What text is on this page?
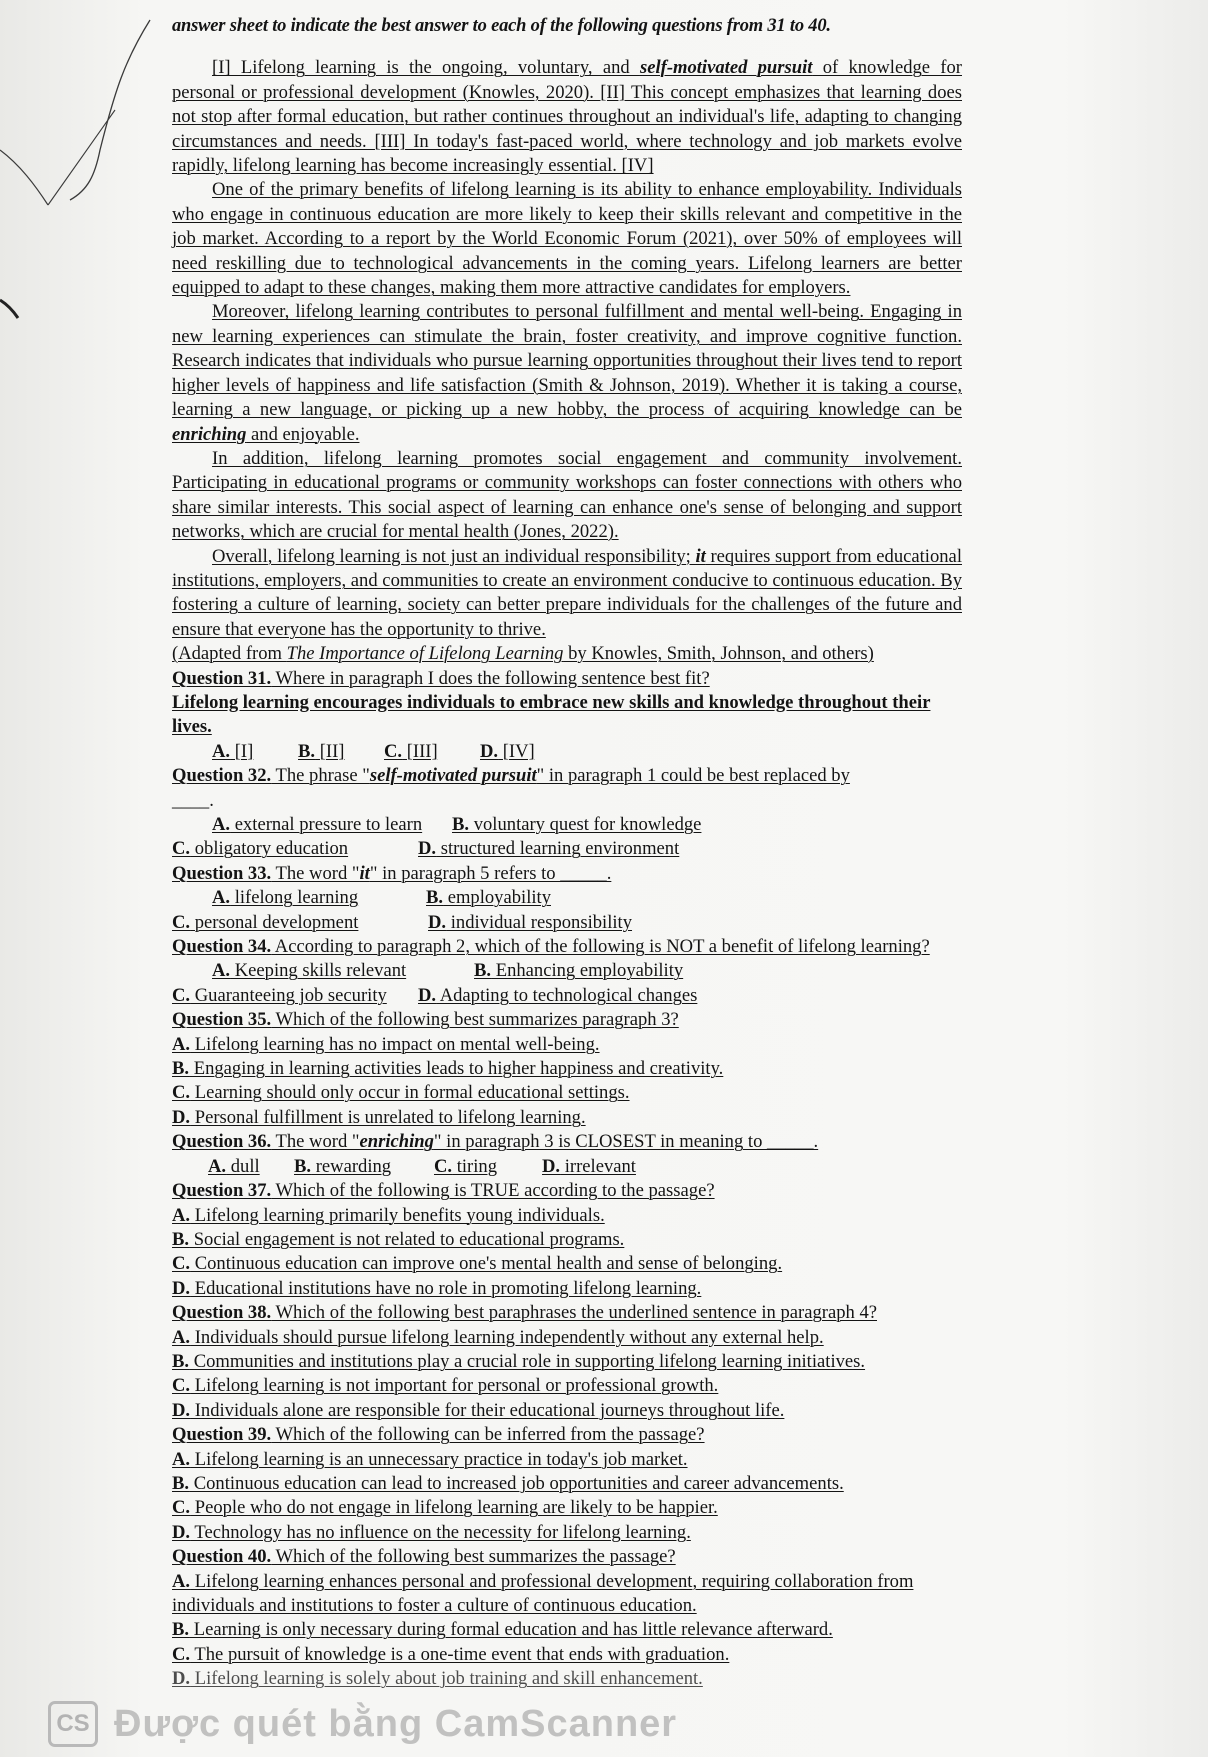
answer sheet to indicate the best answer to each of the following questions from 31 to 40.

[I] Lifelong learning is the ongoing, voluntary, and self-motivated pursuit of knowledge for personal or professional development (Knowles, 2020). [II] This concept emphasizes that learning does not stop after formal education, but rather continues throughout an individual's life, adapting to changing circumstances and needs. [III] In today's fast-paced world, where technology and job markets evolve rapidly, lifelong learning has become increasingly essential. [IV]

One of the primary benefits of lifelong learning is its ability to enhance employability. Individuals who engage in continuous education are more likely to keep their skills relevant and competitive in the job market. According to a report by the World Economic Forum (2021), over 50% of employees will need reskilling due to technological advancements in the coming years. Lifelong learners are better equipped to adapt to these changes, making them more attractive candidates for employers.

Moreover, lifelong learning contributes to personal fulfillment and mental well-being. Engaging in new learning experiences can stimulate the brain, foster creativity, and improve cognitive function. Research indicates that individuals who pursue learning opportunities throughout their lives tend to report higher levels of happiness and life satisfaction (Smith & Johnson, 2019). Whether it is taking a course, learning a new language, or picking up a new hobby, the process of acquiring knowledge can be enriching and enjoyable.

In addition, lifelong learning promotes social engagement and community involvement. Participating in educational programs or community workshops can foster connections with others who share similar interests. This social aspect of learning can enhance one's sense of belonging and support networks, which are crucial for mental health (Jones, 2022).

Overall, lifelong learning is not just an individual responsibility; it requires support from educational institutions, employers, and communities to create an environment conducive to continuous education. By fostering a culture of learning, society can better prepare individuals for the challenges of the future and ensure that everyone has the opportunity to thrive.

(Adapted from The Importance of Lifelong Learning by Knowles, Smith, Johnson, and others)

Question 31. Where in paragraph I does the following sentence best fit?

Lifelong learning encourages individuals to embrace new skills and knowledge throughout their lives.

A. [I]	B. [II]	C. [III]	D. [IV]

Question 32. The phrase "self-motivated pursuit" in paragraph 1 could be best replaced by

____.

A. external pressure to learn	B. voluntary quest for knowledge
C. obligatory education	D. structured learning environment

Question 33. The word "it" in paragraph 5 refers to _____.

A. lifelong learning	B. employability
C. personal development	D. individual responsibility

Question 34. According to paragraph 2, which of the following is NOT a benefit of lifelong learning?

A. Keeping skills relevant	B. Enhancing employability
C. Guaranteeing job security	D. Adapting to technological changes

Question 35. Which of the following best summarizes paragraph 3?

A. Lifelong learning has no impact on mental well-being.

B. Engaging in learning activities leads to higher happiness and creativity.

C. Learning should only occur in formal educational settings.

D. Personal fulfillment is unrelated to lifelong learning.

Question 36. The word "enriching" in paragraph 3 is CLOSEST in meaning to _____.

A. dull	B. rewarding	C. tiring	D. irrelevant

Question 37. Which of the following is TRUE according to the passage?

A. Lifelong learning primarily benefits young individuals.

B. Social engagement is not related to educational programs.

C. Continuous education can improve one's mental health and sense of belonging.

D. Educational institutions have no role in promoting lifelong learning.

Question 38. Which of the following best paraphrases the underlined sentence in paragraph 4?

A. Individuals should pursue lifelong learning independently without any external help.

B. Communities and institutions play a crucial role in supporting lifelong learning initiatives.

C. Lifelong learning is not important for personal or professional growth.

D. Individuals alone are responsible for their educational journeys throughout life.

Question 39. Which of the following can be inferred from the passage?

A. Lifelong learning is an unnecessary practice in today's job market.

B. Continuous education can lead to increased job opportunities and career advancements.

C. People who do not engage in lifelong learning are likely to be happier.

D. Technology has no influence on the necessity for lifelong learning.

Question 40. Which of the following best summarizes the passage?

A. Lifelong learning enhances personal and professional development, requiring collaboration from individuals and institutions to foster a culture of continuous education.

B. Learning is only necessary during formal education and has little relevance afterward.

C. The pursuit of knowledge is a one-time event that ends with graduation.

D. Lifelong learning is solely about job training and skill enhancement.

CS Được quét bằng CamScanner
